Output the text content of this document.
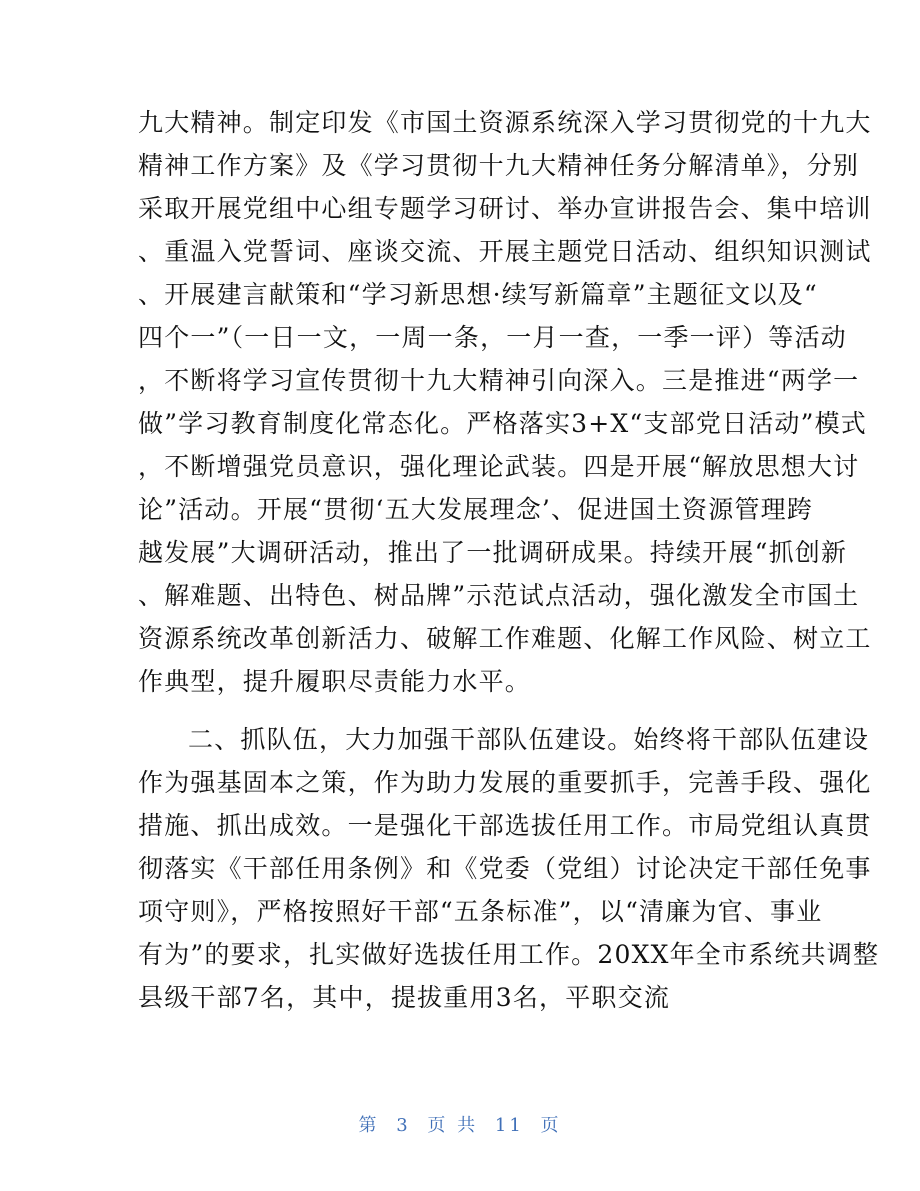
九大精神。制定印发《市国土资源系统深入学习贯彻党的十九大
精神工作方案》及《学习贯彻十九大精神任务分解清单》，分别
采取开展党组中心组专题学习研讨、举办宣讲报告会、集中培训
、重温入党誓词、座谈交流、开展主题党日活动、组织知识测试
、开展建言献策和“学习新思想·续写新篇章”主题征文以及“
四个一”（一日一文，一周一条，一月一查，一季一评）等活动
，不断将学习宣传贯彻十九大精神引向深入。三是推进“两学一
做”学习教育制度化常态化。严格落实3+X“支部党日活动”模式
，不断增强党员意识，强化理论武装。四是开展“解放思想大讨
论”活动。开展“贯彻‘五大发展理念’、促进国土资源管理跨
越发展”大调研活动，推出了一批调研成果。持续开展“抓创新
、解难题、出特色、树品牌”示范试点活动，强化激发全市国土
资源系统改革创新活力、破解工作难题、化解工作风险、树立工
作典型，提升履职尽责能力水平。
二、抓队伍，大力加强干部队伍建设。始终将干部队伍建设
作为强基固本之策，作为助力发展的重要抓手，完善手段、强化
措施、抓出成效。一是强化干部选拔任用工作。市局党组认真贯
彻落实《干部任用条例》和《党委（党组）讨论决定干部任免事
项守则》，严格按照好干部“五条标准”，以“清廉为官、事业
有为”的要求，扎实做好选拔任用工作。20XX年全市系统共调整
县级干部7名，其中，提拔重用3名，平职交流
第 3 页 共 11 页
